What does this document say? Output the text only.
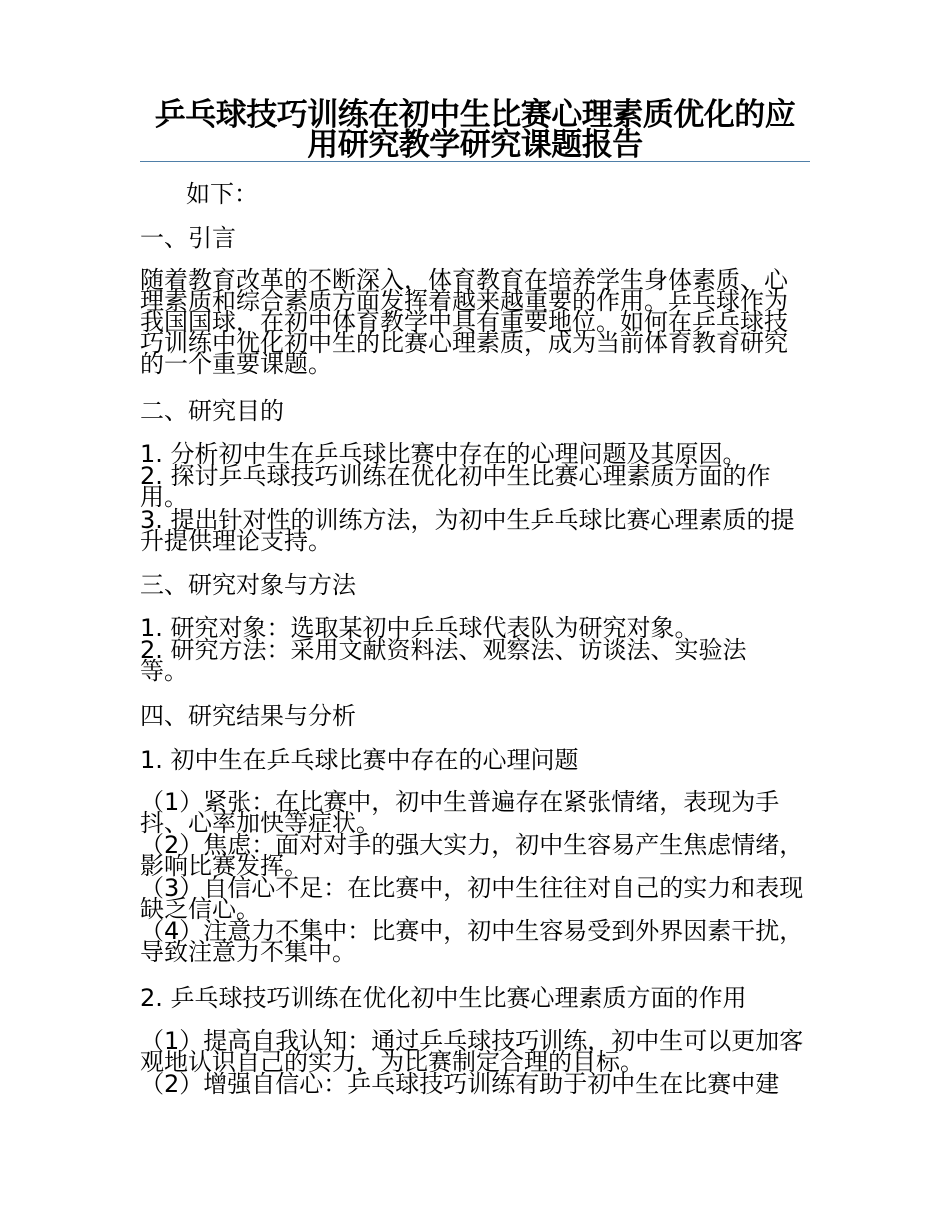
乒乓球技巧训练在初中生比赛心理素质优化的应用研究教学研究课题报告
如下：
一、引言
随着教育改革的不断深入，体育教育在培养学生身体素质、心理素质和综合素质方面发挥着越来越重要的作用。乒乓球作为我国国球，在初中体育教学中具有重要地位。如何在乒乓球技巧训练中优化初中生的比赛心理素质，成为当前体育教育研究的一个重要课题。
二、研究目的
1. 分析初中生在乒乓球比赛中存在的心理问题及其原因。
2. 探讨乒乓球技巧训练在优化初中生比赛心理素质方面的作用。
3. 提出针对性的训练方法，为初中生乒乓球比赛心理素质的提升提供理论支持。
三、研究对象与方法
1. 研究对象：选取某初中乒乓球代表队为研究对象。
2. 研究方法：采用文献资料法、观察法、访谈法、实验法等。
四、研究结果与分析
1. 初中生在乒乓球比赛中存在的心理问题
（1）紧张：在比赛中，初中生普遍存在紧张情绪，表现为手抖、心率加快等症状。
（2）焦虑：面对对手的强大实力，初中生容易产生焦虑情绪，影响比赛发挥。
（3）自信心不足：在比赛中，初中生往往对自己的实力和表现缺乏信心。
（4）注意力不集中：比赛中，初中生容易受到外界因素干扰，导致注意力不集中。
2. 乒乓球技巧训练在优化初中生比赛心理素质方面的作用
（1）提高自我认知：通过乒乓球技巧训练，初中生可以更加客观地认识自己的实力，为比赛制定合理的目标。
（2）增强自信心：乒乓球技巧训练有助于初中生在比赛中建
